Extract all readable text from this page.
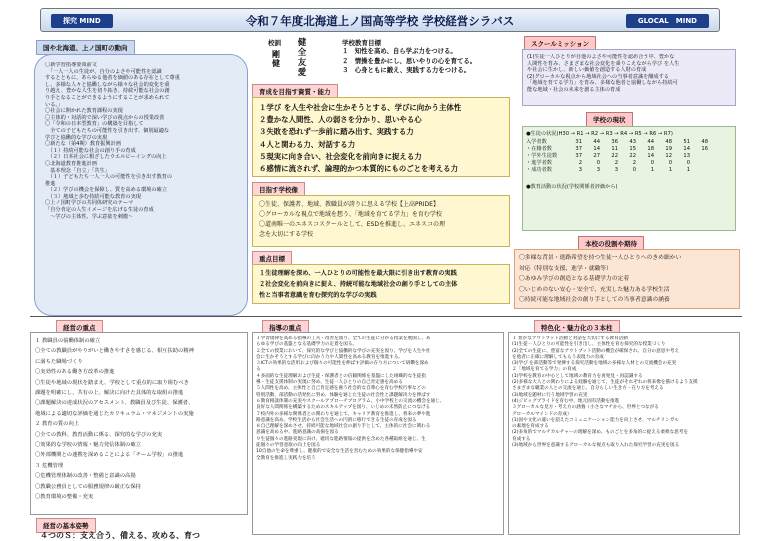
探究 MIND	令和７年度北海道上ノ国高等学校 学校経営シラバス	GLOCAL　MIND
国や北海道、上ノ国町の動向
〇新学習指導要領前文
　「一人一人の生徒が、自分のよさや可能性を認識
するとともに、あらゆる他者を価値のある存在として尊重
し、多様な人々と協働しながら様々な社会的変化を乗
り越え、豊かな人生を切り拓き、持続可能な社会の創
り手となることができるようにすることが求められて
いる。」
〇社会に開かれた教育課程の実現
〇主体的・対話的で深い学びの視点からの授業改善
〇「令和の日本型教育」の構築を目指して
　全ての子どもたちの可能性を引き出す、個別最適な
学びと協働的な学びの実現
〇新たな（第4期）教育振興計画
　（１）持続可能な社会の創り手の育成
　（２）日本社会に根ざしたウエルビーイングの向上
〇北海道教育推進計画
　基本理念「自立」「共生」
　（１）子どもたち一人一人の可能性を引き出す教育の
推進
　（２）学びの機会を保障し、質を高める環境の確立
　（３）地域と歩む持続可能な教育の実現
〇上ノ国町学びの共同体研究のテーマ
「自分肯定の人生イメージを広げる生徒の育成
　〜学びの主体性、学ぶ意欲を刺激〜
校訓
剛
健
健
全
友
愛
学校教育目標
１　知性を高め、自ら学ぶ力をつける。
２　情操を豊かにし、思いやりの心を育てる。
３　心身ともに鍛え、実践する力をつける。
育成を目指す資質・能力
１学び を人生や社会に生かそうとする、学びに向かう主体性
２豊かな人間性、人の弱さを分かり、思いやる心
３失敗を恐れず一歩前に踏み出す、実践する力
４人と関わる力、対話する力
５現実に向き合い、社会変化を前向きに捉える力
６感情に流されず、論理的かつ本質的にものごとを考える力
目指す学校像
〇生徒、保護者、地域、教職員が誇りに思える学校【上高PRIDE】
〇グローカルな視点で地域を想う、「地域を育てる学力」を育む学校
〇道南唯一のユネスコスクールとして、ESDを推進し、ユネスコの理
念を大切にする学校
重点目標
１生徒理解を深め、一人ひとりの可能性を最大限に引き出す教育の実践
２社会変化を前向きに捉え、持続可能な地域社会の創り手としての主体
性と当事者意識を育む探究的な学びの実践
スクールミッション
(1)生徒一人ひとりが自他のよさや可能性を認め合う中、豊かな
人間性を育み、さまざまな社会変化を乗りこえながら学び を人生
や社会に生かし、新しい価値を創造する人財の育成
(2)グローカルな視点から地域社会への当事者意識を醸成する
「地域を育てる学力」を育み、多様な他者と協働しながら持続可
能な地域・社会の未来を創る主体の育成
学校の現状
●生徒の状況(H30 → R1 → R2 → R3 → R4 → R5 → R6 → R7)
入学者数	31	44	36	43	44	48	51	48
・在籍者数	37	14	11	15	18	19	14	16
・学外生徒数	37	27	22	22	14	12	13	
・進学者数	2	0	2	2	0	0	0	
・成功者数	3	3	3	0	1	1	1	
●教育活動の状況(学校関係者評価から)
本校の役割や期待
〇多様な背景・進路希望を持つ生徒一人ひとりへのきめ細かい
対応（特別な支援、進学・就職等）
〇あゆみ学びの創造となる基礎学力の定着
〇いじめのない安心・安全で、充実した魅力ある学校生活
〇持続可能な地域社会の創り手としての当事者意識の涵養
経営の重点
１ 教職員の協働体制の確立
〇全ての教職員がやりがいと働きやすさを感じる、相互扶助の精神
に満ちた職場づくり
〇実効性のある働き方改革の推進
〇生徒や地域の現状を踏まえ、学校として重点的に取り組むべき
課題を明確にし、共有の上、解決に向けた具体的な取組の推進
〇課題解決の達成状況のアセスメント、教職員及び生徒、保護者、
地域による適切な評価を通じたカリキュラム・マネジメントの実施
２ 教育の質の向上
〇全ての教科、教育活動に係る、探究的な学びの充実
〇効果的な学校の情報・魅力発信体制の確立
〇外部機関との連携を深めることによる「チーム学校」の推進
３ 危機管理
〇危機管理体制の改善・整備と意識の高揚
〇教職公務員としての服務規律の厳正な保持
〇教育環境の整備・充実
経営の基本姿勢
４つのＳ：支え合う、備える、攻める、育つ
指導の重点
１学習規律を高める指導の工夫・改善を図り、全ての生徒に分かる授業を展開し、あ
らゆる学びの基盤となる基礎学力の定着を図る。
２全ての授業において、探究的な学びと協働的な学びの充実を図り、学びを人生や社
会に生かそうとする学びに向かう力や人間性を高める教育を推進する。
３ICTの効果的な活用および個々の可能性を伸ばす評価の在り方について研鑽を深め
る
４多面的な生徒理解および生徒・保護者との信頼関係を基盤にした組織的な生徒指
導・生徒支援体制の実現に努め、生徒一人ひとりの自己肯定感を高める
５人間性を高め、主体性と自己肯定感を養う社会的な自尊心を育む学校行事などの
特別活動、部活動の活発化に努め、体験を通じた生徒の社会性と課題解決力を伸ばす
６教育相談体制の充実やスクールアプローチプログラム、小中学校との交流の機会を通じ、
良好な人間関係を構築するためのスキルアップを図り、いじめの未然防止につなげる
７校内外の多様な関係者との関わりを通じて、キャリア教育を推進し、将来の夢や進
路意識を高め、学校生活から社会生活への円滑に移行できる生徒の育成を図る
８自己理解を深めさせ、持続可能な地域社会の創り手として、主体的に社会に関わる
意識を高める中、進路意識の高揚を図る
９生徒個々の進路実現に向け、適切な進路情報の提供を含めた各種取組を通じ、生
徒個々の学習意欲の向上を図る
10自他の生命を尊重し、健康的で安全な生活を営むための効果的な保健指導や安
全教育を推進し実践力を培う
特色化・魅力化の３本柱
１ 豊かなアウトプット活動と対話を大切にする教育活動
(1)生徒一人ひとりの可能性を引き出し、主体性を育む探究的な授業づくり
(2)全ての生徒に、豊富なアウトプット活動の機会が確保され、自分の意思や考え
を他者に正確に理解してもらう表現力の育成
(3)学び を部活動等で発揮する探究活動を地域の多様な人材との交流機会の充実
２「地域を育てる学力」の育成
(1)学校を教育の中心として地域の教育力を再発見・再認識する
(2)多様な大人との関わりによる経験を通じて、生徒がそれぞれの将来像を描けるよう支援
さまざまな職業の人との交流を通じ、自分らしい生き方・在り方を考える
(3)地域を題材に行う地域学習の充実
(4)ジビッグプライドを育む中、地元固有活動を推進
３グローカルな見方・考え方の涵養（小さなマチから、世界とつながる
グローカルマインドの育成）
(1)国や文化の違いを超えたコミュニケーション能力を向上させ、マルチリンガル
の素地を育成する
(2)多角的でマルチカルチャーの理解を深め、ものごとを多角的に捉える柔軟な思考を
育成する
(3)地域から世界を意識するグローカルな視点も取り入れた探究学習の充実を図る
